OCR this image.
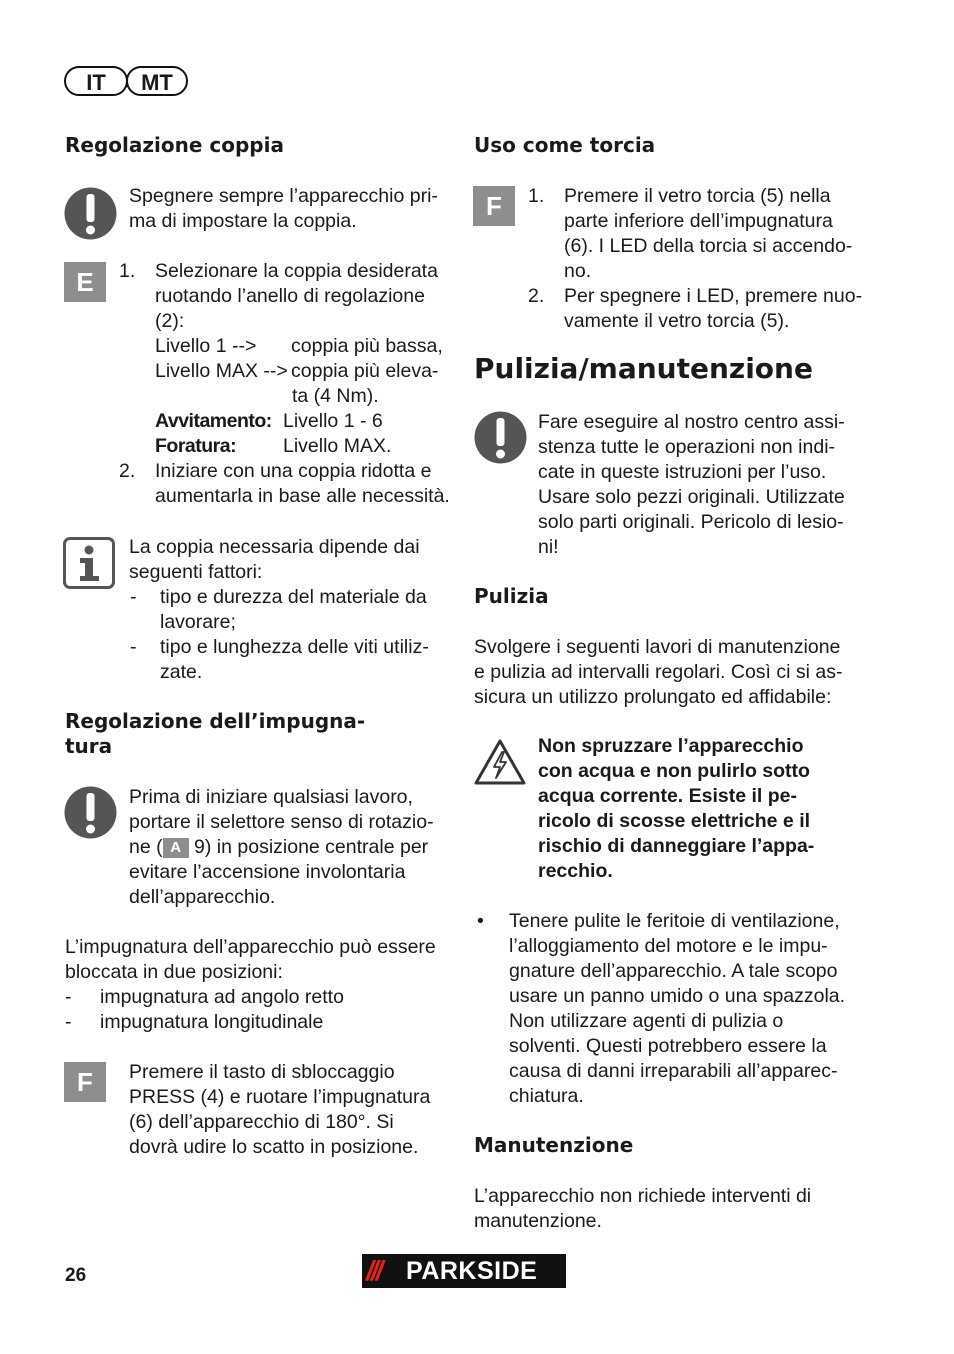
IT	MT
Regolazione coppia
Spegnere sempre l’apparecchio pri-
ma di impostare la coppia.
E	1. Selezionare la coppia desiderata
ruotando l’anello di regolazione
(2):
Livello 1 --> coppia più bassa,
Livello MAX --> coppia più eleva-
ta (4 Nm).
Avvitamento: Livello 1 - 6
Foratura: Livello MAX.
2. Iniziare con una coppia ridotta e
aumentarla in base alle necessità.
La coppia necessaria dipende dai
seguenti fattori:
- tipo e durezza del materiale da
lavorare;
- tipo e lunghezza delle viti utiliz-
zate.
Regolazione dell’impugna-
tura
Prima di iniziare qualsiasi lavoro,
portare il selettore senso di rotazio-
ne ( A 9) in posizione centrale per
evitare l’accensione involontaria
dell’apparecchio.
L’impugnatura dell’apparecchio può essere
bloccata in due posizioni:
- impugnatura ad angolo retto
- impugnatura longitudinale
F	Premere il tasto di sbloccaggio
PRESS (4) e ruotare l’impugnatura
(6) dell’apparecchio di 180°. Si
dovrà udire lo scatto in posizione.
Uso come torcia
F	1. Premere il vetro torcia (5) nella
parte inferiore dell’impugnatura
(6). I LED della torcia si accendo-
no.
2. Per spegnere i LED, premere nuo-
vamente il vetro torcia (5).
Pulizia/manutenzione
Fare eseguire al nostro centro assi-
stenza tutte le operazioni non indi-
cate in queste istruzioni per l’uso.
Usare solo pezzi originali. Utilizzate
solo parti originali. Pericolo di lesio-
ni!
Pulizia
Svolgere i seguenti lavori di manutenzione
e pulizia ad intervalli regolari. Così ci si as-
sicura un utilizzo prolungato ed affidabile:
Non spruzzare l’apparecchio
con acqua e non pulirlo sotto
acqua corrente. Esiste il pe-
ricolo di scosse elettriche e il
rischio di danneggiare l’appa-
recchio.
• Tenere pulite le feritoie di ventilazione,
l’alloggiamento del motore e le impu-
gnature dell’apparecchio. A tale scopo
usare un panno umido o una spazzola.
Non utilizzare agenti di pulizia o
solventi. Questi potrebbero essere la
causa di danni irreparabili all’apparec-
chiatura.
Manutenzione
L’apparecchio non richiede interventi di
manutenzione.
26	/// PARKSIDE
